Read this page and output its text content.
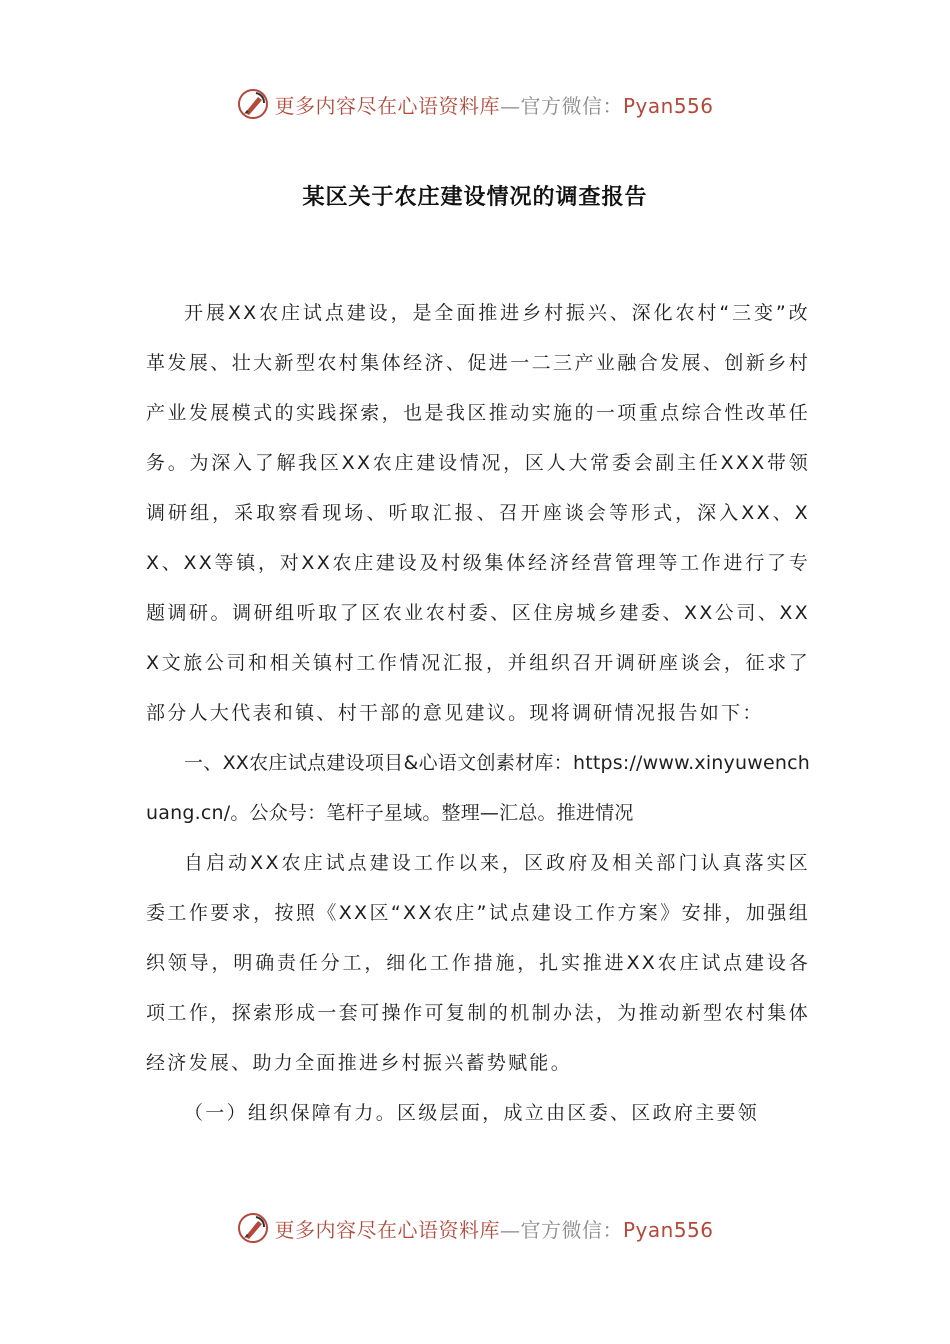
更多内容尽在心语资料库—官方微信：Pyan556
某区关于农庄建设情况的调查报告

开展XX农庄试点建设，是全面推进乡村振兴、深化农村“三变”改革发展、壮大新型农村集体经济、促进一二三产业融合发展、创新乡村产业发展模式的实践探索，也是我区推动实施的一项重点综合性改革任务。为深入了解我区XX农庄建设情况，区人大常委会副主任XXX带领调研组，采取察看现场、听取汇报、召开座谈会等形式，深入XX、XX、XX等镇，对XX农庄建设及村级集体经济经营管理等工作进行了专题调研。调研组听取了区农业农村委、区住房城乡建委、XX公司、XXX文旅公司和相关镇村工作情况汇报，并组织召开调研座谈会，征求了部分人大代表和镇、村干部的意见建议。现将调研情况报告如下：

一、XX农庄试点建设项目&心语文创素材库：https://www.xinyuwenchuang.cn/。公众号：笔杆子星域。整理—汇总。推进情况

自启动XX农庄试点建设工作以来，区政府及相关部门认真落实区委工作要求，按照《XX区“XX农庄”试点建设工作方案》安排，加强组织领导，明确责任分工，细化工作措施，扎实推进XX农庄试点建设各项工作，探索形成一套可操作可复制的机制办法，为推动新型农村集体经济发展、助力全面推进乡村振兴蓄势赋能。

（一）组织保障有力。区级层面，成立由区委、区政府主要领

更多内容尽在心语资料库—官方微信：Pyan556
